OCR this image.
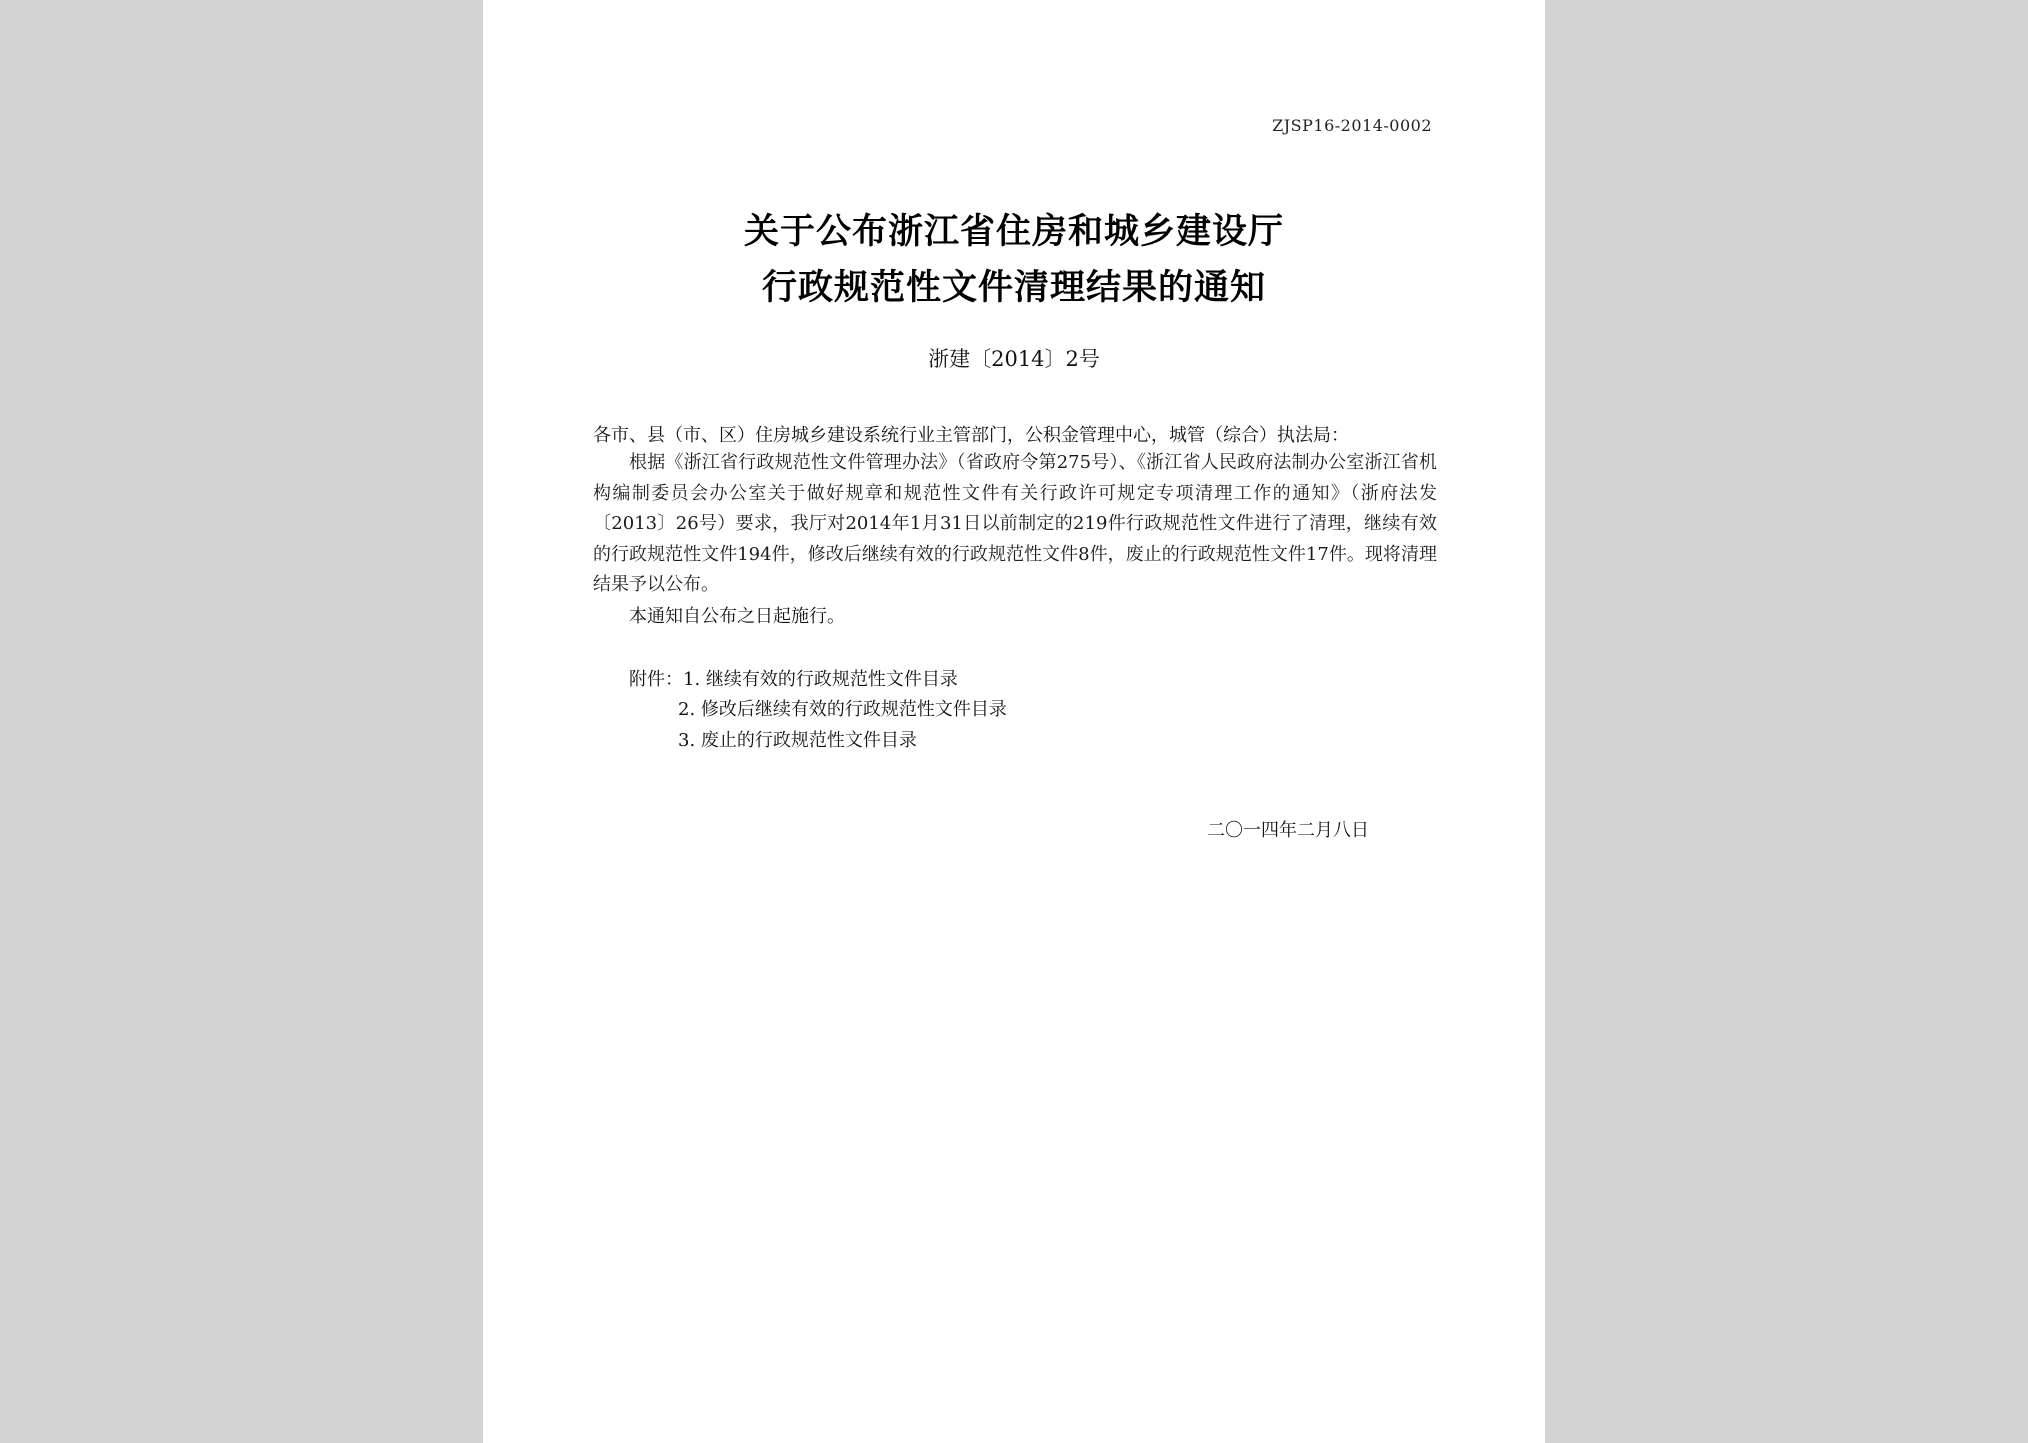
ZJSP16-2014-0002
关于公布浙江省住房和城乡建设厅
行政规范性文件清理结果的通知
浙建〔2014〕2号
各市、县（市、区）住房城乡建设系统行业主管部门，公积金管理中心，城管（综合）执法局：
根据《浙江省行政规范性文件管理办法》（省政府令第275号）、《浙江省人民政府法制办公室浙江省机构编制委员会办公室关于做好规章和规范性文件有关行政许可规定专项清理工作的通知》（浙府法发〔2013〕26号）要求，我厅对2014年1月31日以前制定的219件行政规范性文件进行了清理，继续有效的行政规范性文件194件，修改后继续有效的行政规范性文件8件，废止的行政规范性文件17件。现将清理结果予以公布。
本通知自公布之日起施行。
附件：1. 继续有效的行政规范性文件目录
2. 修改后继续有效的行政规范性文件目录
3. 废止的行政规范性文件目录
二〇一四年二月八日
